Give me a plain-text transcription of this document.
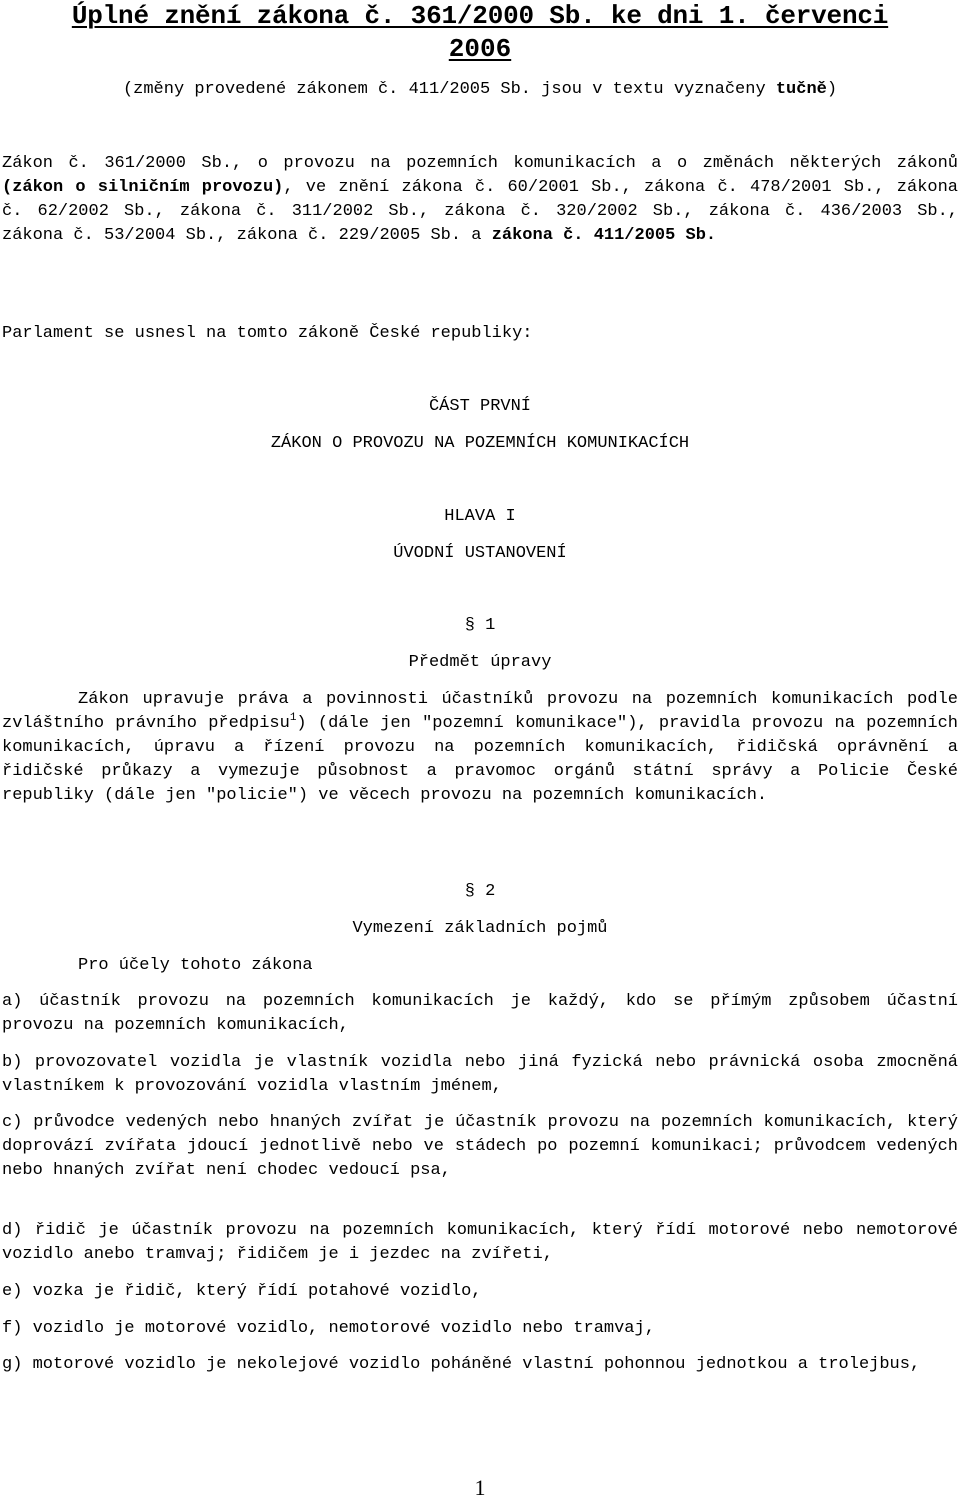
Úplné znění zákona č. 361/2000 Sb. ke dni 1. červenci
2006
(změny provedené zákonem č. 411/2005 Sb. jsou v textu vyznačeny tučně)
Zákon č. 361/2000 Sb., o provozu na pozemních komunikacích a o změnách některých zákonů (zákon o silničním provozu), ve znění zákona č. 60/2001 Sb., zákona č. 478/2001 Sb., zákona č. 62/2002 Sb., zákona č. 311/2002 Sb., zákona č. 320/2002 Sb., zákona č. 436/2003 Sb., zákona č. 53/2004 Sb., zákona č. 229/2005 Sb. a zákona č. 411/2005 Sb.
Parlament se usnesl na tomto zákoně České republiky:
ČÁST PRVNÍ
ZÁKON O PROVOZU NA POZEMNÍCH KOMUNIKACÍCH
HLAVA I
ÚVODNÍ USTANOVENÍ
§ 1
Předmět úpravy
Zákon upravuje práva a povinnosti účastníků provozu na pozemních komunikacích podle zvláštního právního předpisu$^1$) (dále jen "pozemní komunikace"), pravidla provozu na pozemních komunikacích, úpravu a řízení provozu na pozemních komunikacích, řidičská oprávnění a řidičské průkazy a vymezuje působnost a pravomoc orgánů státní správy a Policie České republiky (dále jen "policie") ve věcech provozu na pozemních komunikacích.
§ 2
Vymezení základních pojmů
Pro účely tohoto zákona
a) účastník provozu na pozemních komunikacích je každý, kdo se přímým způsobem účastní provozu na pozemních komunikacích,
b) provozovatel vozidla je vlastník vozidla nebo jiná fyzická nebo právnická osoba zmocněná vlastníkem k provozování vozidla vlastním jménem,
c) průvodce vedených nebo hnaných zvířat je účastník provozu na pozemních komunikacích, který doprovází zvířata jdoucí jednotlivě nebo ve stádech po pozemní komunikaci; průvodcem vedených nebo hnaných zvířat není chodec vedoucí psa,
d) řidič je účastník provozu na pozemních komunikacích, který řídí motorové nebo nemotorové vozidlo anebo tramvaj; řidičem je i jezdec na zvířeti,
e) vozka je řidič, který řídí potahové vozidlo,
f) vozidlo je motorové vozidlo, nemotorové vozidlo nebo tramvaj,
g) motorové vozidlo je nekolejové vozidlo poháněné vlastní pohonnou jednotkou a trolejbus,
1
